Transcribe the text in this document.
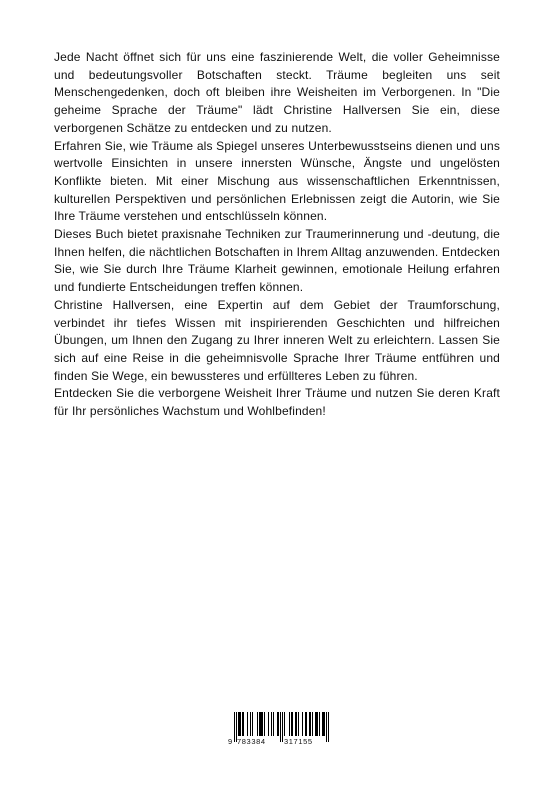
Jede Nacht öffnet sich für uns eine faszinierende Welt, die voller Geheimnisse und bedeutungsvoller Botschaften steckt. Träume begleiten uns seit Menschengedenken, doch oft bleiben ihre Weisheiten im Verborgenen. In "Die geheime Sprache der Träume" lädt Christine Hallversen Sie ein, diese verborgenen Schätze zu entdecken und zu nutzen.

Erfahren Sie, wie Träume als Spiegel unseres Unterbewusstseins dienen und uns wertvolle Einsichten in unsere innersten Wünsche, Ängste und ungelösten Konflikte bieten. Mit einer Mischung aus wissenschaftlichen Erkenntnissen, kulturellen Perspektiven und persönlichen Erlebnissen zeigt die Autorin, wie Sie Ihre Träume verstehen und entschlüsseln können.

Dieses Buch bietet praxisnahe Techniken zur Traumerinnerung und -deutung, die Ihnen helfen, die nächtlichen Botschaften in Ihrem Alltag anzuwenden. Entdecken Sie, wie Sie durch Ihre Träume Klarheit gewinnen, emotionale Heilung erfahren und fundierte Entscheidungen treffen können.

Christine Hallversen, eine Expertin auf dem Gebiet der Traumforschung, verbindet ihr tiefes Wissen mit inspirierenden Geschichten und hilfreichen Übungen, um Ihnen den Zugang zu Ihrer inneren Welt zu erleichtern. Lassen Sie sich auf eine Reise in die geheimnisvolle Sprache Ihrer Träume entführen und finden Sie Wege, ein bewussteres und erfüllteres Leben zu führen.

Entdecken Sie die verborgene Weisheit Ihrer Träume und nutzen Sie deren Kraft für Ihr persönliches Wachstum und Wohlbefinden!

9 783384 317155
